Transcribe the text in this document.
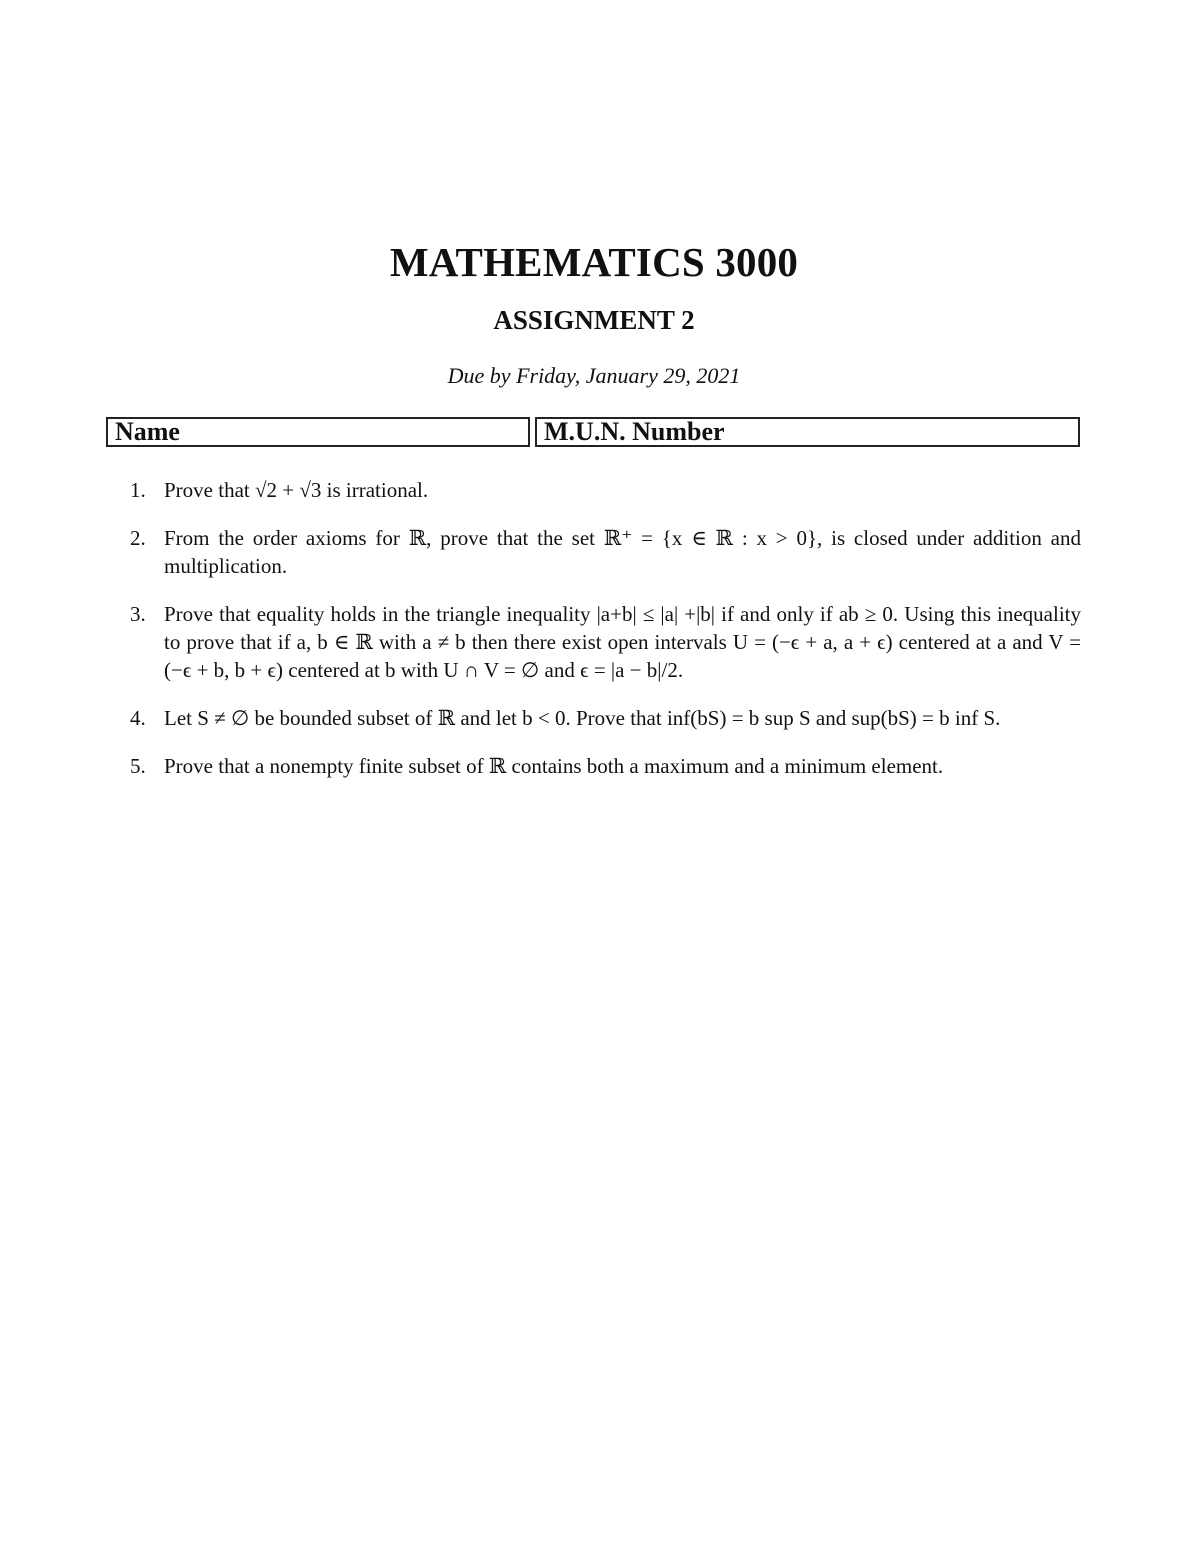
MATHEMATICS 3000
ASSIGNMENT 2
Due by Friday, January 29, 2021
Name	M.U.N. Number
1. Prove that √2 + √3 is irrational.
2. From the order axioms for ℝ, prove that the set ℝ⁺ = {x ∈ ℝ : x > 0}, is closed under addition and multiplication.
3. Prove that equality holds in the triangle inequality |a+b| ≤ |a| +|b| if and only if ab ≥ 0. Using this inequality to prove that if a, b ∈ ℝ with a ≠ b then there exist open intervals U = (−ϵ + a, a + ϵ) centered at a and V = (−ϵ + b, b + ϵ) centered at b with U ∩ V = ∅ and ϵ = |a − b|/2.
4. Let S ≠ ∅ be bounded subset of ℝ and let b < 0. Prove that inf(bS) = b sup S and sup(bS) = b inf S.
5. Prove that a nonempty finite subset of ℝ contains both a maximum and a minimum element.
